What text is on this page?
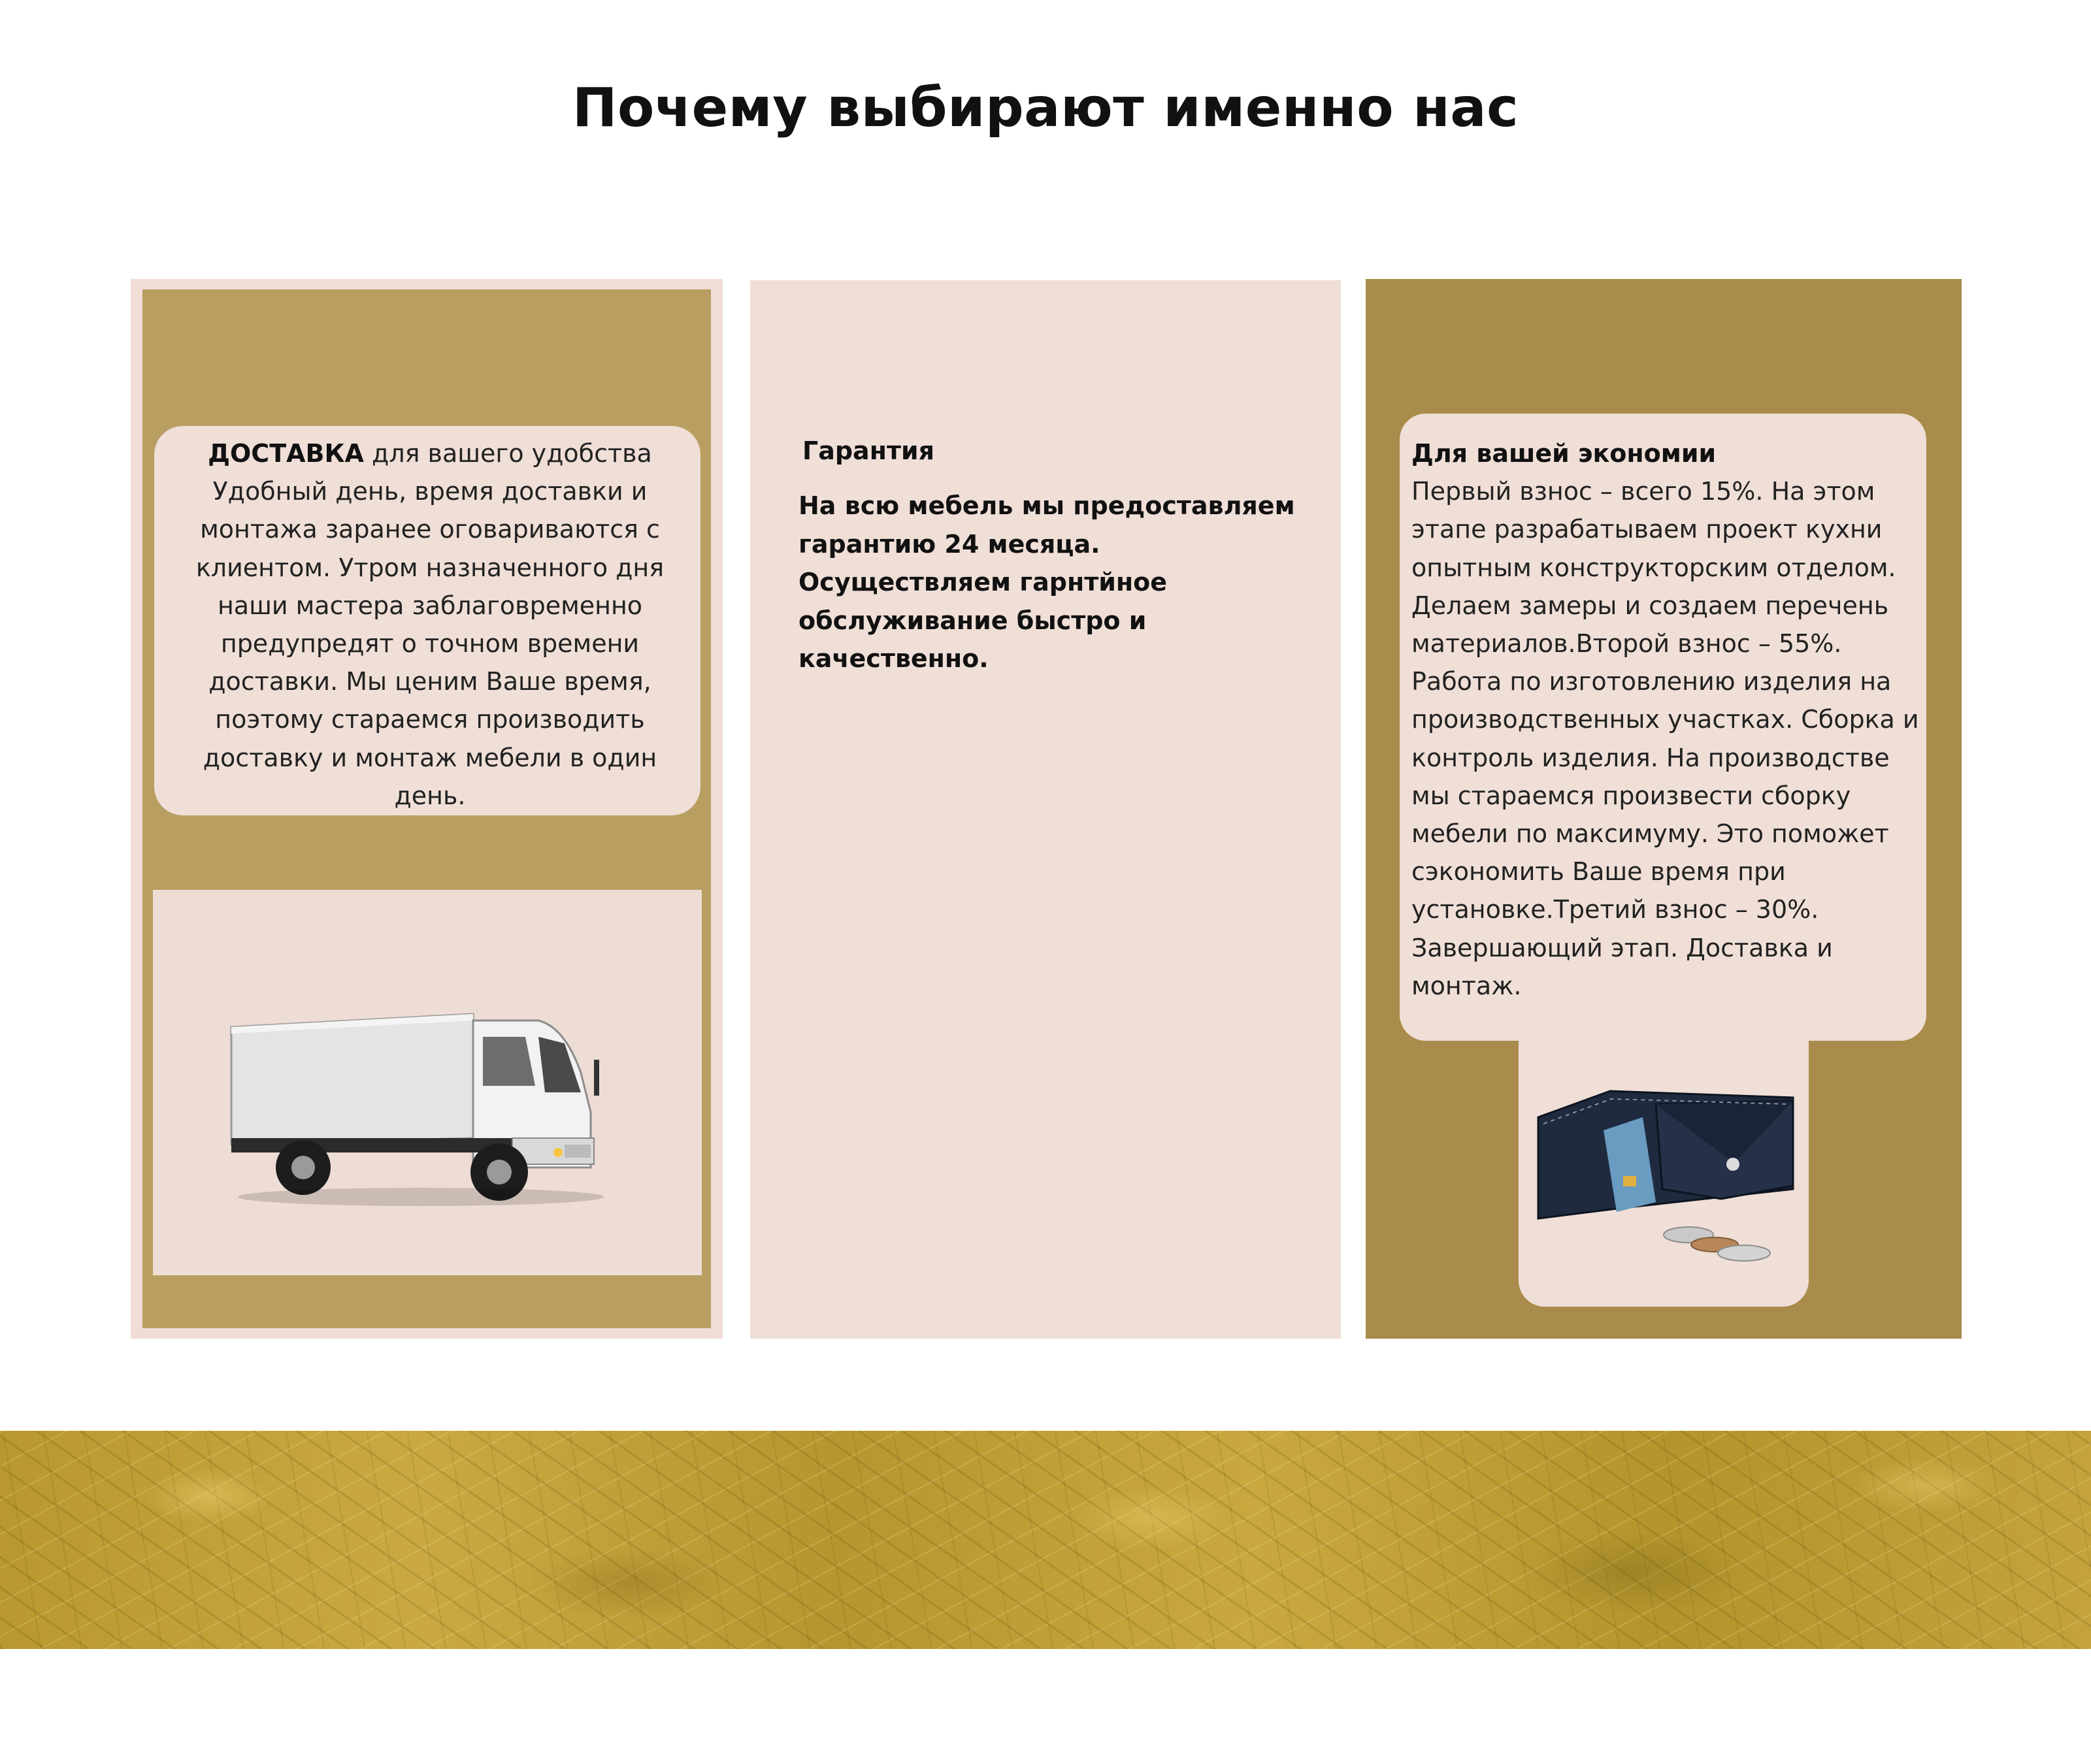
Почему выбирают именно нас
ДОСТАВКА для вашего удобства Удобный день, время доставки и монтажа заранее оговариваются с клиентом. Утром назначенного дня наши мастера заблаговременно предупредят о точном времени доставки. Мы ценим Ваше время, поэтому стараемся производить доставку и монтаж мебели в один день.
Гарантия

На всю мебель мы предоставляем гарантию 24 месяца.
Осуществляем гарнтйное обслуживание быстро и качественно.

Для вашей экономии
Первый взнос – всего 15%. На этом этапе разрабатываем проект кухни опытным конструкторским отделом. Делаем замеры и создаем перечень материалов.Второй взнос – 55%. Работа по изготовлению изделия на производственных участках. Сборка и контроль изделия. На производстве мы стараемся произвести сборку мебели по максимуму. Это поможет сэкономить Ваше время при установке.Третий взнос – 30%. Завершающий этап. Доставка и монтаж.
